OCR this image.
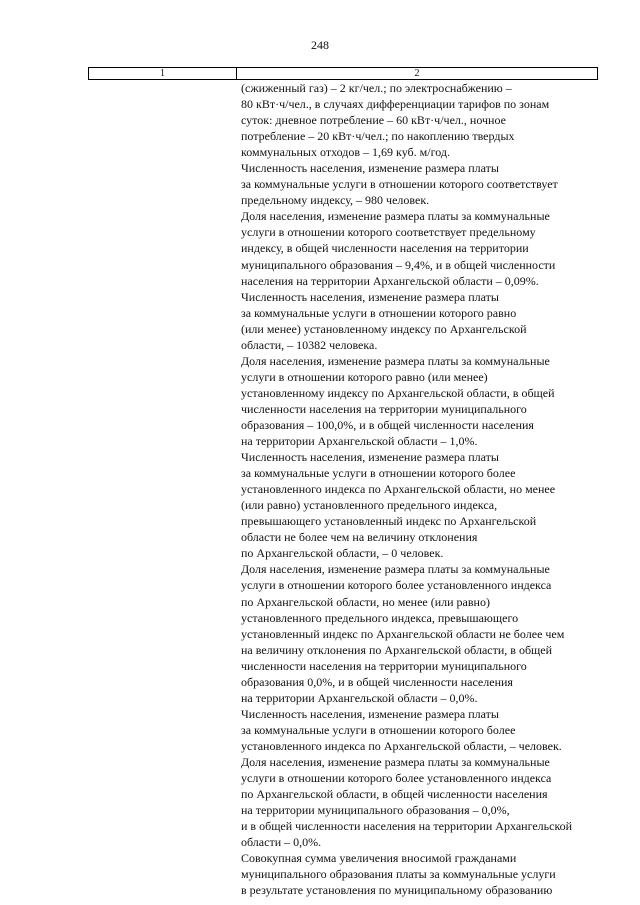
248
1	2
(сжиженный газ) – 2 кг/чел.; по электроснабжению –
80 кВт·ч/чел., в случаях дифференциации тарифов по зонам
суток: дневное потребление – 60 кВт·ч/чел., ночное
потребление – 20 кВт·ч/чел.; по накоплению твердых
коммунальных отходов – 1,69 куб. м/год.
Численность населения, изменение размера платы
за коммунальные услуги в отношении которого соответствует
предельному индексу, – 980 человек.
Доля населения, изменение размера платы за коммунальные
услуги в отношении которого соответствует предельному
индексу, в общей численности населения на территории
муниципального образования – 9,4%, и в общей численности
населения на территории Архангельской области – 0,09%.
Численность населения, изменение размера платы
за коммунальные услуги в отношении которого равно
(или менее) установленному индексу по Архангельской
области, – 10382 человека.
Доля населения, изменение размера платы за коммунальные
услуги в отношении которого равно (или менее)
установленному индексу по Архангельской области, в общей
численности населения на территории муниципального
образования – 100,0%, и в общей численности населения
на территории Архангельской области – 1,0%.
Численность населения, изменение размера платы
за коммунальные услуги в отношении которого более
установленного индекса по Архангельской области, но менее
(или равно) установленного предельного индекса,
превышающего установленный индекс по Архангельской
области не более чем на величину отклонения
по Архангельской области, – 0 человек.
Доля населения, изменение размера платы за коммунальные
услуги в отношении которого более установленного индекса
по Архангельской области, но менее (или равно)
установленного предельного индекса, превышающего
установленный индекс по Архангельской области не более чем
на величину отклонения по Архангельской области, в общей
численности населения на территории муниципального
образования 0,0%, и в общей численности населения
на территории Архангельской области – 0,0%.
Численность населения, изменение размера платы
за коммунальные услуги в отношении которого более
установленного индекса по Архангельской области, – человек.
Доля населения, изменение размера платы за коммунальные
услуги в отношении которого более установленного индекса
по Архангельской области, в общей численности населения
на территории муниципального образования – 0,0%,
и в общей численности населения на территории Архангельской
области – 0,0%.
Совокупная сумма увеличения вносимой гражданами
муниципального образования платы за коммунальные услуги
в результате установления по муниципальному образованию
